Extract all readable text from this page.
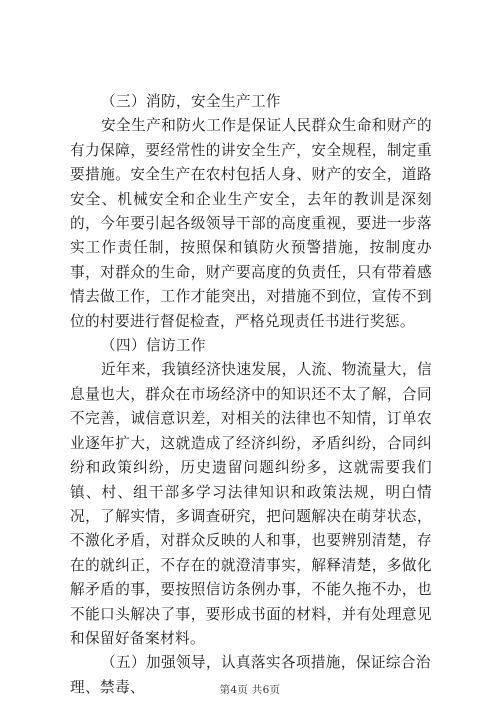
（三）消防，安全生产工作

安全生产和防火工作是保证人民群众生命和财产的有力保障，要经常性的讲安全生产，安全规程，制定重要措施。安全生产在农村包括人身、财产的安全，道路安全、机械安全和企业生产安全，去年的教训是深刻的，今年要引起各级领导干部的高度重视，要进一步落实工作责任制，按照保和镇防火预警措施，按制度办事，对群众的生命，财产要高度的负责任，只有带着感情去做工作，工作才能突出，对措施不到位，宣传不到位的村要进行督促检查，严格兑现责任书进行奖惩。

（四）信访工作

近年来，我镇经济快速发展，人流、物流量大，信息量也大，群众在市场经济中的知识还不太了解，合同不完善，诚信意识差，对相关的法律也不知情，订单农业逐年扩大，这就造成了经济纠纷，矛盾纠纷，合同纠纷和政策纠纷，历史遗留问题纠纷多，这就需要我们镇、村、组干部多学习法律知识和政策法规，明白情况，了解实情，多调查研究，把问题解决在萌芽状态，不激化矛盾，对群众反映的人和事，也要辨别清楚，存在的就纠正，不存在的就澄清事实，解释清楚，多做化解矛盾的事，要按照信访条例办事，不能久拖不办，也不能口头解决了事，要形成书面的材料，并有处理意见和保留好备案材料。

（五）加强领导，认真落实各项措施，保证综合治理、禁毒、	第4页 共6页
